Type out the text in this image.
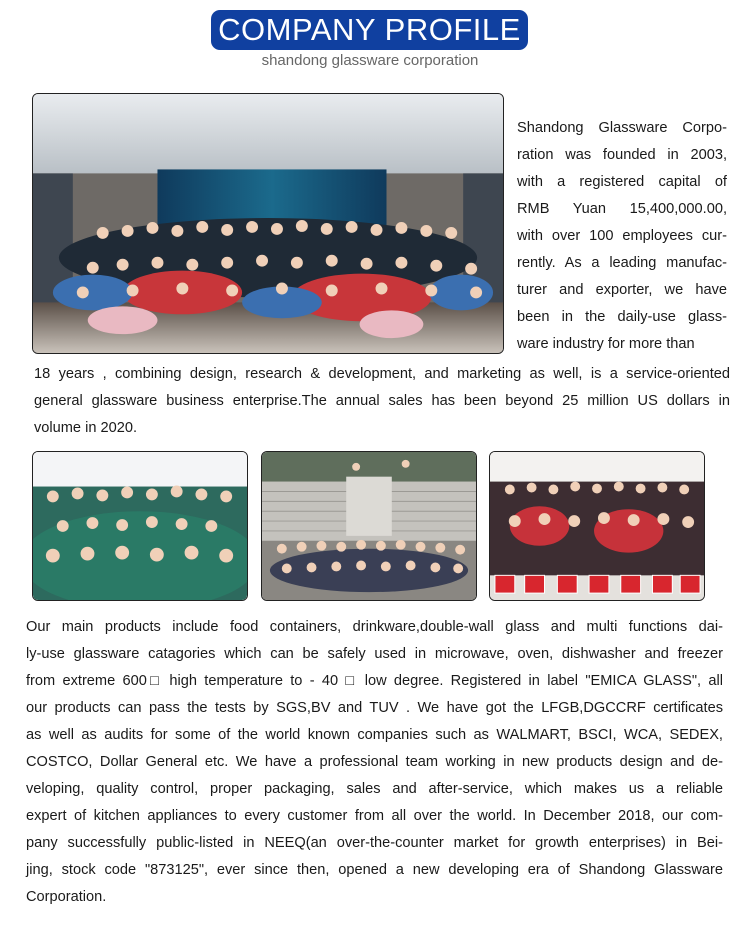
COMPANY PROFILE
shandong glassware corporation
Shandong Glassware Corpo-
ration was founded in 2003,
with a registered capital of
RMB Yuan 15,400,000.00,
with over 100 employees cur-
rently. As a leading manufac-
turer and exporter, we have
been in the daily-use glass-
ware industry for more than
18 years , combining design, research & development, and marketing as well, is a service-oriented
general glassware business enterprise.The annual sales has been beyond 25 million US dollars in
volume in 2020.
Our main products include food containers, drinkware,double-wall glass and multi functions dai-
ly-use glassware catagories which can be safely used in microwave, oven, dishwasher and freezer
from extreme 600□ high temperature to - 40 □ low degree. Registered in label "EMICA GLASS", all
our products can pass the tests by SGS,BV and TUV . We have got the LFGB,DGCCRF certificates
as well as audits for some of the world known companies such as WALMART, BSCI, WCA, SEDEX,
COSTCO, Dollar General etc. We have a professional team working in new products design and de-
veloping, quality control, proper packaging, sales and after-service, which makes us a reliable
expert of kitchen appliances to every customer from all over the world. In December 2018, our com-
pany successfully public-listed in NEEQ(an over-the-counter market for growth enterprises) in Bei-
jing, stock code "873125", ever since then, opened a new developing era of Shandong Glassware
Corporation.
